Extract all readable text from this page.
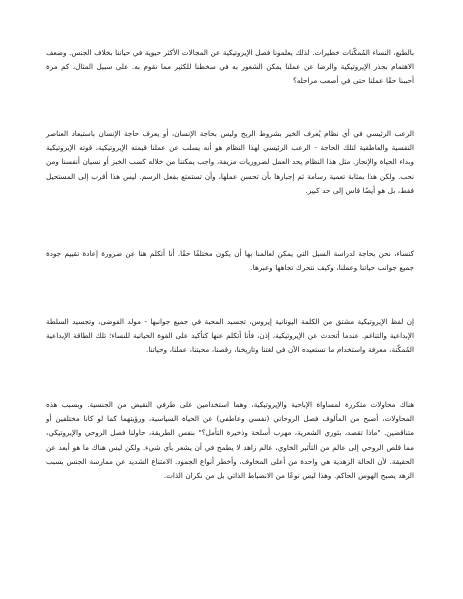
بالطبع، النساء المُمكّنات خطيرات. لذلك يعلمونا فصل الإيروتيكية عن المجالات الأكثر حيوية في حياتنا بخلاف الجنس. وضعف الاهتمام بجذر الإيروتيكية والرضا عن عملنا يمكن الشعور به في سخطنا للكثير مما نقوم به. على سبيل المثال، كم مرة أحببنا حقًا عملنا حتى في أصعب مراحله؟

الرعب الرئيسي في أي نظام يُعرف الخير بشروط الربح وليس بحاجة الإنسان، أو يعرف حاجة الإنسان باستبعاد العناصر النفسية والعاطفية لتلك الحاجة - الرعب الرئيسي لهذا النظام هو أنه يسلب عن عملنا قيمته الإيروتيكية، قوته الإيروتيكية وبداء الحياة والإنجاز. مثل هذا النظام يحد العمل لضروريات مزيفة، واجب يمكننا من خلاله كسب الخبز أو نسيان أنفسنا ومن نحب. ولكن هذا بمثابة تعمية رسامة ثم إجبارها بأن تحسن عملها، وأن تستمتع بفعل الرسم. ليس هذا أقرب إلى المستحيل فقط، بل هو أيضًا قاس إلى حد كبير.

كنساء، نحن بحاجة لدراسة السبل التي يمكن لعالمنا بها أن يكون مختلفًا حقًا. أنا أتكلم هنا عن ضرورة إعادة تقييم جودة جميع جوانب حياتنا وعملنا، وكيف نتحرك تجاهها وعبرها.

إن لفظ الإيروتيكية مشتق من الكلمة اليونانية إيروس، تجسيد المحبة في جميع جوانبها - مولد الفوضى، وتجسيد السلطة الإبداعية والتناغم. عندما أتحدث عن الإيروتيكية، إذن، فأنا أتكلم عنها كتأكيد على القوة الحياتية للنساء؛ تلك الطاقة الإبداعية المُمكّنة، معرفة واستخدام ما نستعيده الآن في لغتنا وتاريخنا، رقصنا، محبتنا، عملنا، وحياتنا.

هناك محاولات متكررة لمساواة الإباحية والإيروتيكية، وهما استخدامين على طرفي النقيض من الجنسية. وبسبب هذه المحاولات، أصبح من المألوف فصل الروحاني (نفسي وعاطفي) عن الحياة السياسية، ورؤيتهما كما لو كانا مختلفين أو متناقضين. "ماذا تقصد، بثوري الشعرية، مهرب أسلحة وذخيرة التأمل؟" بنفس الطريقة، حاولنا فصل الروحي والإيروتيكي، مما قلص الروحي إلى عالم من التأثير الخاوي، عالم زاهد لا يطمح في أن يشعر بأي شيء. ولكن ليس هناك ما هو أبعد عن الحقيقة. لأن الحالة الزهدية هي واحدة من أعلى المخاوف، وأخطر أنواع الجمود. الامتناع الشديد عن ممارسة الجنس بسبب الزهد يصبح الهوس الحاكم. وهذا ليس نوعًا من الانضباط الذاتي بل من نكران الذات.
